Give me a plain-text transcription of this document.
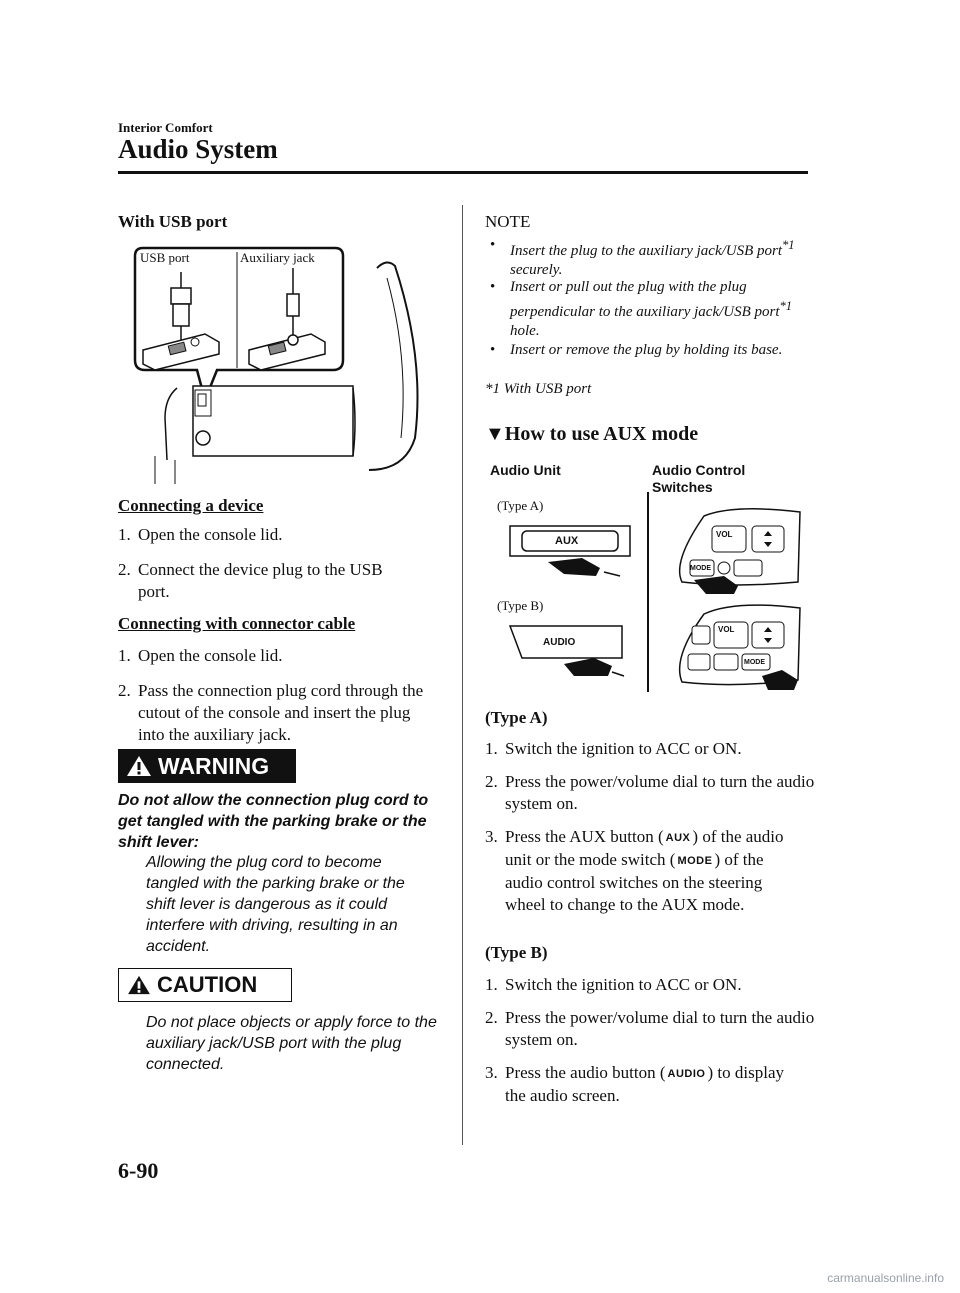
Interior Comfort
Audio System
With USB port
USB port	Auxiliary jack
Connecting a device
1. Open the console lid.
2. Connect the device plug to the USB port.
Connecting with connector cable
1. Open the console lid.
2. Pass the connection plug cord through the cutout of the console and insert the plug into the auxiliary jack.
WARNING
Do not allow the connection plug cord to get tangled with the parking brake or the shift lever:
Allowing the plug cord to become tangled with the parking brake or the shift lever is dangerous as it could interfere with driving, resulting in an accident.
CAUTION
Do not place objects or apply force to the auxiliary jack/USB port with the plug connected.
NOTE
• Insert the plug to the auxiliary jack/USB port$^{*1}$ securely.
• Insert or pull out the plug with the plug perpendicular to the auxiliary jack/USB port$^{*1}$ hole.
• Insert or remove the plug by holding its base.
*1 With USB port
▼How to use AUX mode
Audio Unit	Audio Control Switches
(Type A)
(Type B)
AUX
AUDIO
VOL
MODE
VOL
MODE
(Type A)
1. Switch the ignition to ACC or ON.
2. Press the power/volume dial to turn the audio system on.
3. Press the AUX button ( AUX ) of the audio unit or the mode switch ( MODE ) of the audio control switches on the steering wheel to change to the AUX mode.
(Type B)
1. Switch the ignition to ACC or ON.
2. Press the power/volume dial to turn the audio system on.
3. Press the audio button ( AUDIO ) to display the audio screen.
6-90
carmanualsonline.info
